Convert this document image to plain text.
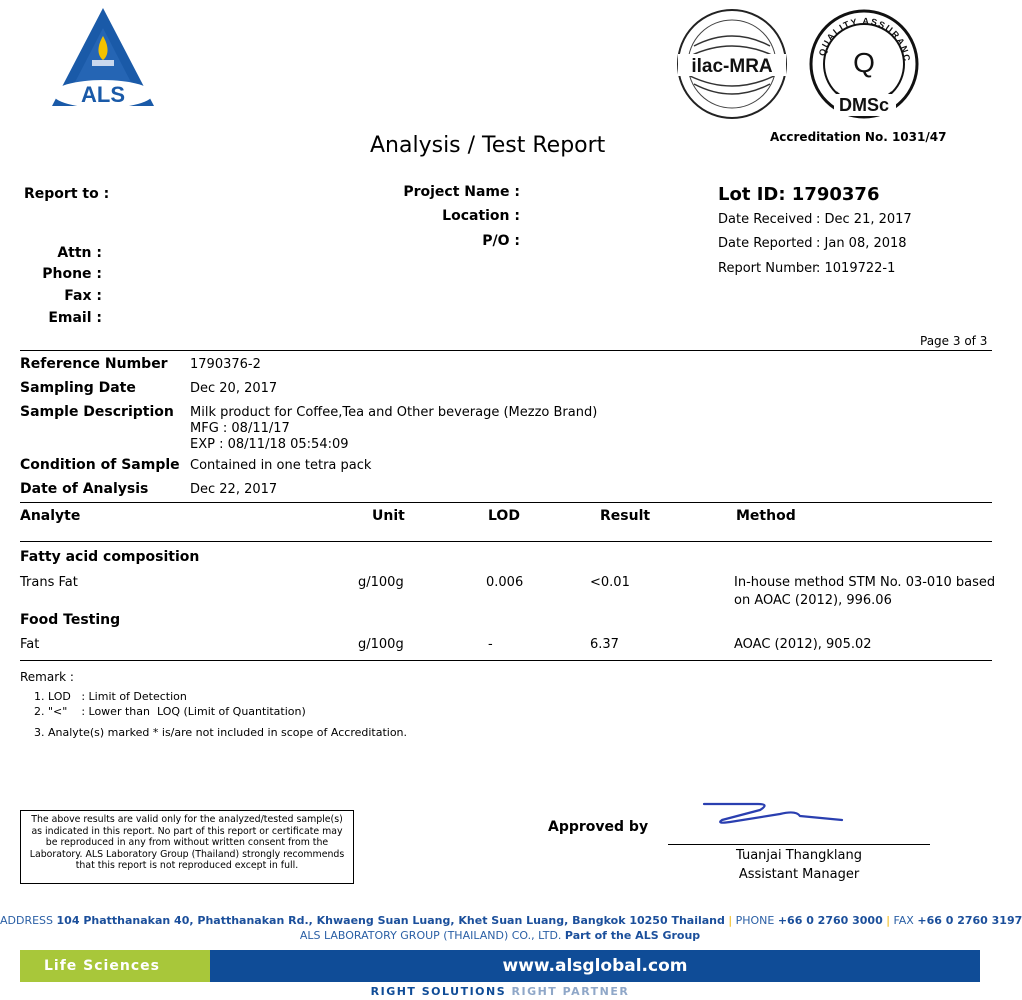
ALS
ilac-MRA
QUALITY ASSURANC
Q
DMSc
Accreditation No. 1031/47
Analysis / Test Report
Report to :
Attn :
Phone :
Fax :
Email :
Project Name :
Location :
P/O :
Lot ID: 1790376
Date Received : Dec 21, 2017
Date Reported : Jan 08, 2018
Report Number
: 1019722-1
Page 3 of 3
Reference Number 1790376-2
Sampling Date	Dec 20, 2017
Sample Description Milk product for Coffee,Tea and Other beverage (Mezzo Brand)
MFG : 08/11/17
EXP : 08/11/18 05:54:09
Condition of Sample Contained in one tetra pack
Date of Analysis	Dec 22, 2017
Analyte	Unit	LOD	Result	Method
Fatty acid composition
Trans Fat	g/100g	0.006	<0.01	In-house method STM No. 03-010 based
on AOAC (2012), 996.06
Food Testing
Fat	g/100g	-	6.37	AOAC (2012), 905.02
Remark :
1. LOD   : Limit of Detection
2. "<"    : Lower than  LOQ (Limit of Quantitation)
3. Analyte(s) marked * is/are not included in scope of Accreditation.
The above results are valid only for the analyzed/tested sample(s) as indicated in this report. No part of this report or certificate may be reproduced in any from without written consent from the Laboratory. ALS Laboratory Group (Thailand) strongly recommends that this report is not reproduced except in full.
Approved by
Tuanjai Thangklang
Assistant Manager
ADDRESS 104 Phatthanakan 40, Phatthanakan Rd., Khwaeng Suan Luang, Khet Suan Luang, Bangkok 10250 Thailand | PHONE +66 0 2760 3000 | FAX +66 0 2760 3197
ALS LABORATORY GROUP (THAILAND) CO., LTD. Part of the ALS Group
Life Sciences	www.alsglobal.com
RIGHT SOLUTIONS RIGHT PARTNER
